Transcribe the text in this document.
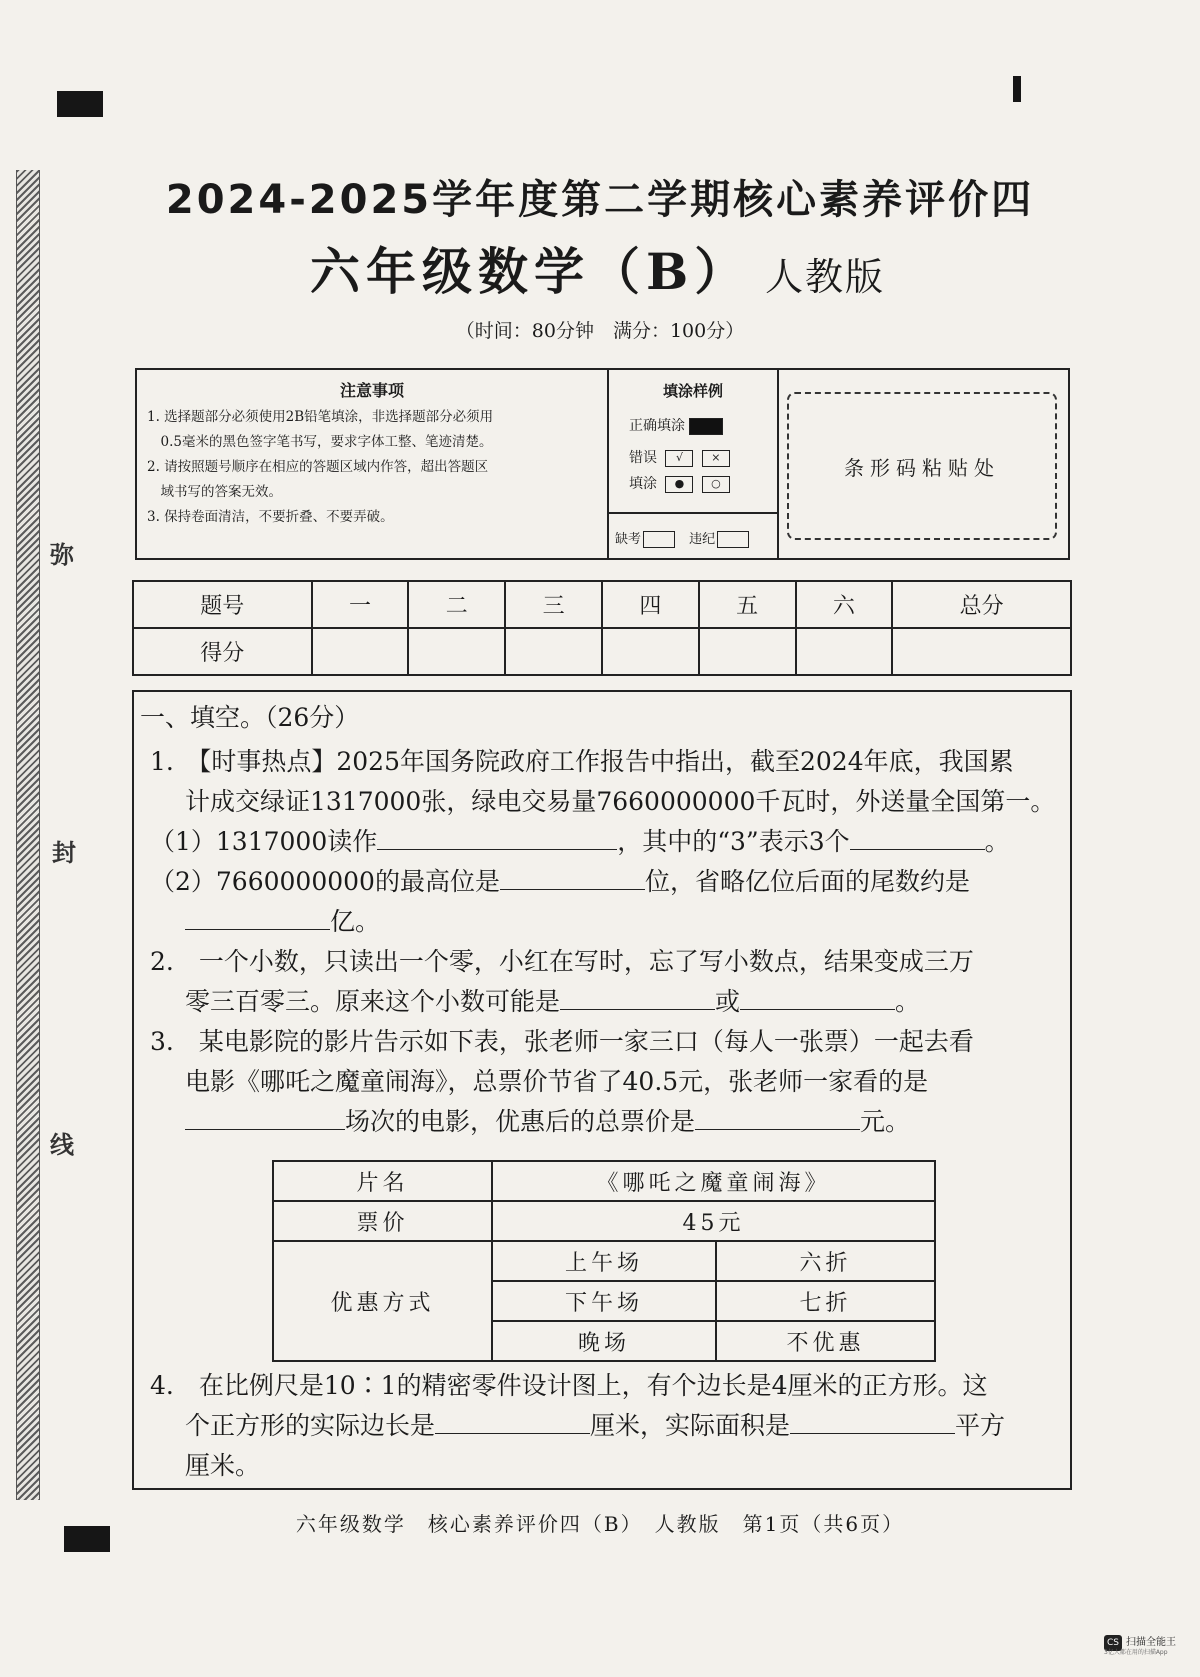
弥
封
线
2024-2025学年度第二学期核心素养评价四
六年级数学（B） 人教版
（时间：80分钟　满分：100分）
注意事项
1. 选择题部分必须使用2B铅笔填涂，非选择题部分必须用
　0.5毫米的黑色签字笔书写，要求字体工整、笔迹清楚。
2. 请按照题号顺序在相应的答题区域内作答，超出答题区
　域书写的答案无效。
3. 保持卷面清洁，不要折叠、不要弄破。
填涂样例
正确填涂
错误 √	×
填涂 ● ○
缺考	违纪
条形码粘贴处
题号	一	二	三	四	五	六	总分
得分							
一、填空。（26分）
1.　【时事热点】2025年国务院政府工作报告中指出，截至2024年底，我国累
计成交绿证1317000张，绿电交易量7660000000千瓦时，外送量全国第一。
（1）1317000读作	，其中的“3”表示3个	。
（2）7660000000的最高位是	位，省略亿位后面的尾数约是
亿。
2.　一个小数，只读出一个零，小红在写时，忘了写小数点，结果变成三万
零三百零三。原来这个小数可能是	或	。
3.　某电影院的影片告示如下表，张老师一家三口（每人一张票）一起去看
电影《哪吒之魔童闹海》，总票价节省了40.5元，张老师一家看的是
场次的电影，优惠后的总票价是	元。
片名	《哪吒之魔童闹海》	
票价	45元	
优惠方式	上午场	六折
	下午场	七折
	晚场	不优惠
4.　在比例尺是10∶1的精密零件设计图上，有个边长是4厘米的正方形。这
个正方形的实际边长是	厘米，实际面积是	平方
厘米。
六年级数学　核心素养评价四（B）　人教版　第1页（共6页）
CS 扫描全能王
3亿人都在用的扫描App
